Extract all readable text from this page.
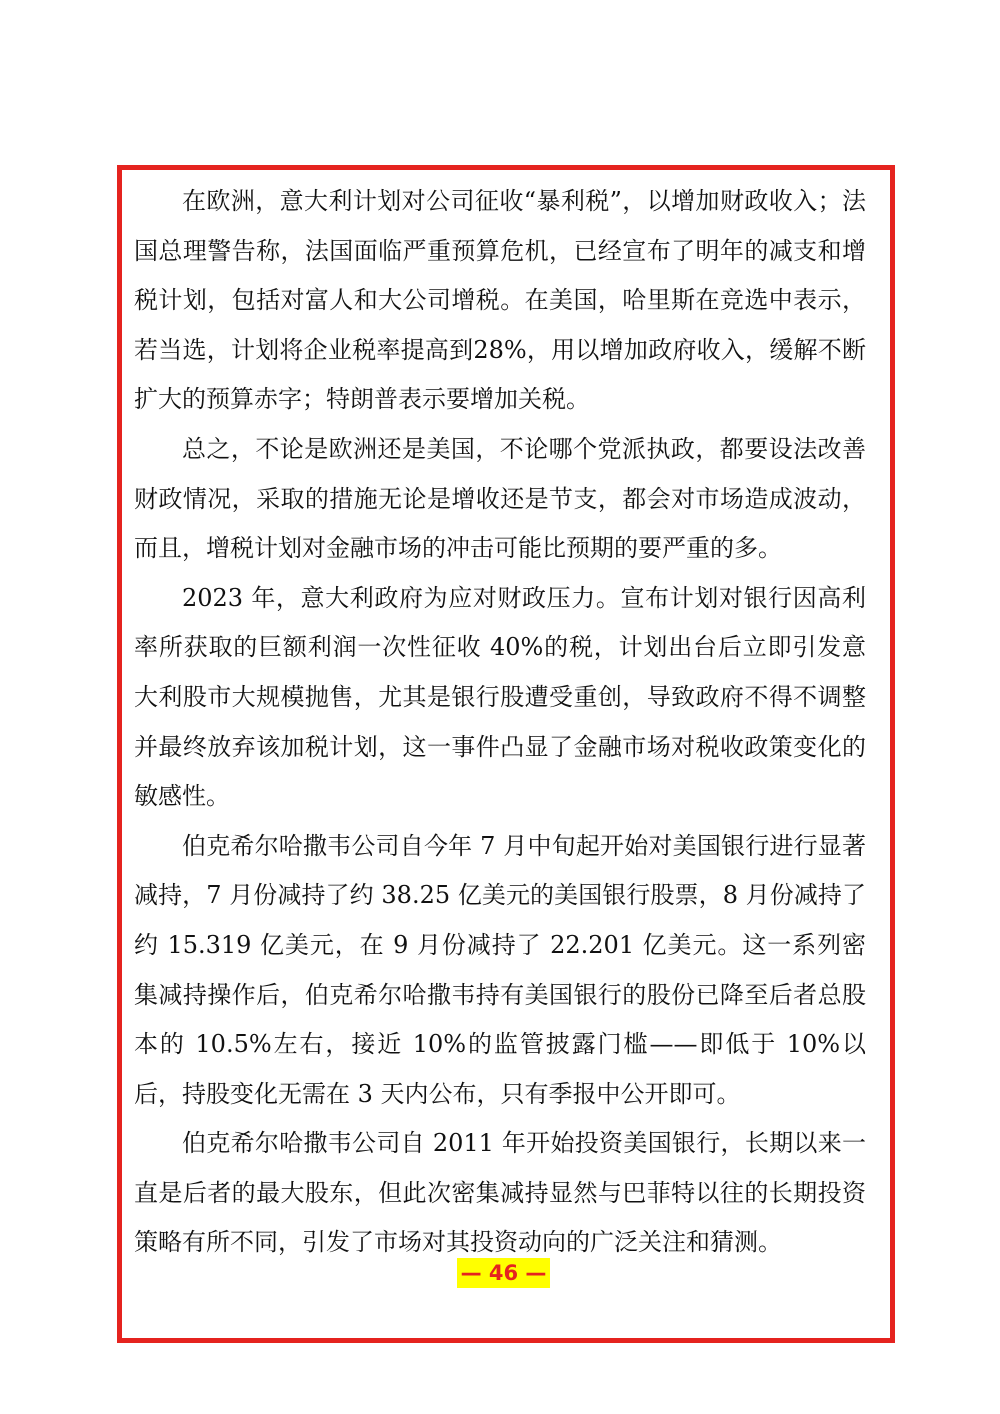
在欧洲，意大利计划对公司征收“暴利税”，以增加财政收入；法国总理警告称，法国面临严重预算危机，已经宣布了明年的减支和增税计划，包括对富人和大公司增税。在美国，哈里斯在竞选中表示，若当选，计划将企业税率提高到28%，用以增加政府收入，缓解不断扩大的预算赤字；特朗普表示要增加关税。

总之，不论是欧洲还是美国，不论哪个党派执政，都要设法改善财政情况，采取的措施无论是增收还是节支，都会对市场造成波动，而且，增税计划对金融市场的冲击可能比预期的要严重的多。

2023 年，意大利政府为应对财政压力。宣布计划对银行因高利率所获取的巨额利润一次性征收 40%的税，计划出台后立即引发意大利股市大规模抛售，尤其是银行股遭受重创，导致政府不得不调整并最终放弃该加税计划，这一事件凸显了金融市场对税收政策变化的敏感性。

伯克希尔哈撒韦公司自今年 7 月中旬起开始对美国银行进行显著减持，7 月份减持了约 38.25 亿美元的美国银行股票，8 月份减持了约 15.319 亿美元，在 9 月份减持了 22.201 亿美元。这一系列密集减持操作后，伯克希尔哈撒韦持有美国银行的股份已降至后者总股本的 10.5%左右，接近 10%的监管披露门槛——即低于 10%以后，持股变化无需在 3 天内公布，只有季报中公开即可。

伯克希尔哈撒韦公司自 2011 年开始投资美国银行，长期以来一直是后者的最大股东，但此次密集减持显然与巴菲特以往的长期投资策略有所不同，引发了市场对其投资动向的广泛关注和猜测。

— 46 —
